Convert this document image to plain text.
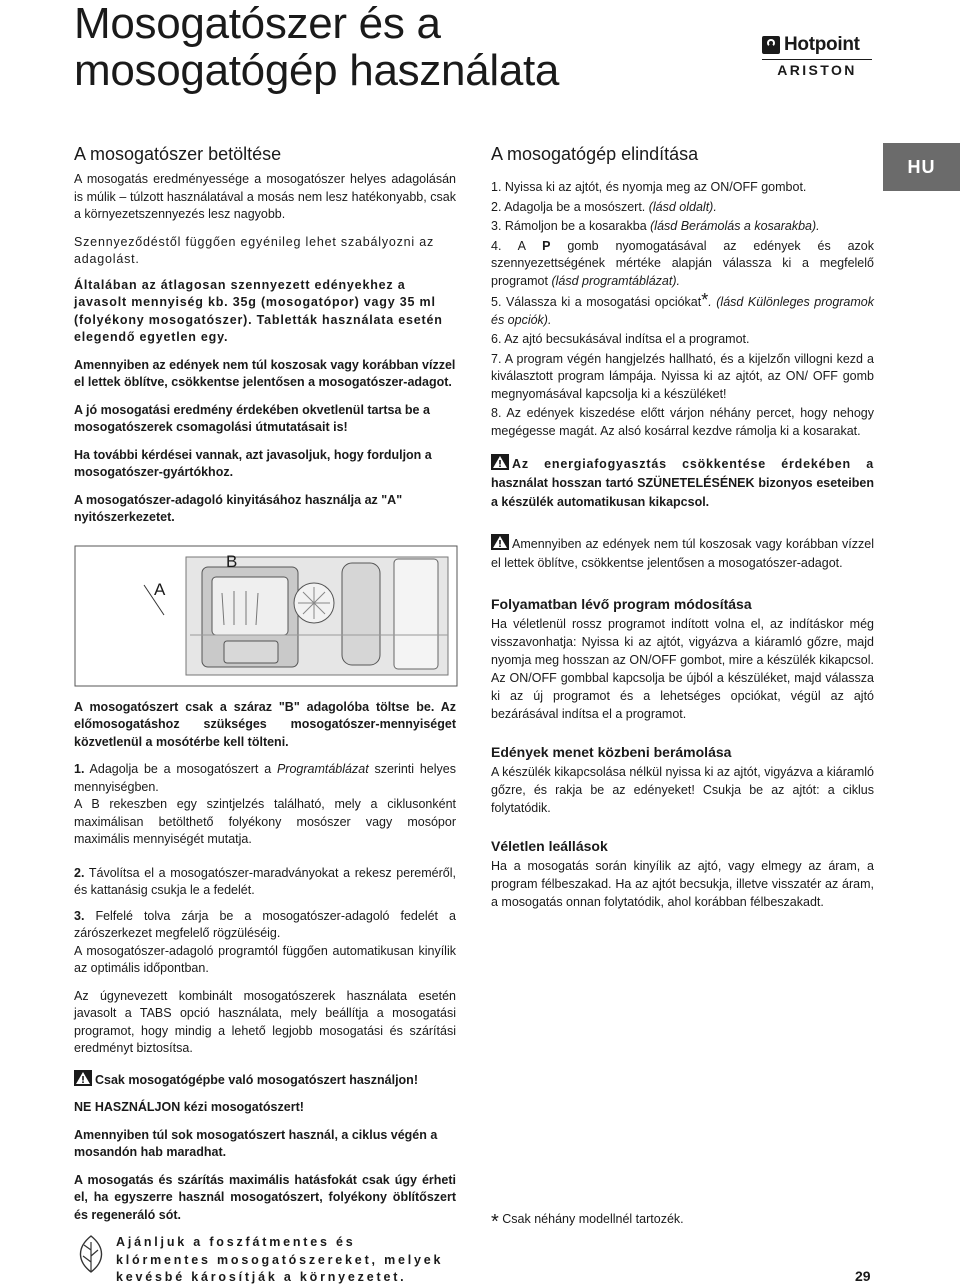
Mosogatószer és a
mosogatógép használata
Hotpoint
ARISTON
HU
A mosogatószer betöltése

A mosogatás eredményessége a mosogatószer helyes adagolásán is múlik – túlzott használatával a mosás nem lesz hatékonyabb, csak a környezetszennyezés lesz nagyobb.

Szennyeződéstől függően egyénileg lehet szabályozni az adagolást.

Általában az átlagosan szennyezett edényekhez a javasolt mennyiség kb. 35g (mosogatópor) vagy 35 ml (folyékony mosogatószer). Tabletták használata esetén elegendő egyetlen egy.

Amennyiben az edények nem túl koszosak vagy korábban vízzel el lettek öblítve, csökkentse jelentősen a mosogatószer-adagot.

A jó mosogatási eredmény érdekében okvetlenül tartsa be a mosogatószerek csomagolási útmutatásait is!

Ha további kérdései vannak, azt javasoljuk, hogy forduljon a mosogatószer-gyártókhoz.

A mosogatószer-adagoló kinyitásához használja az "A" nyitószerkezetet.

A
B

A mosogatószert csak a száraz "B" adagolóba töltse be. Az előmosogatáshoz szükséges mosogatószer-mennyiséget közvetlenül a mosótérbe kell tölteni.

1. Adagolja be a mosogatószert a Programtáblázat szerinti helyes mennyiségben.

A B rekeszben egy szintjelzés található, mely a ciklusonként maximálisan betölthető folyékony mosószer vagy mosópor maximális mennyiségét mutatja.

2. Távolítsa el a mosogatószer-maradványokat a rekesz pereméről, és kattanásig csukja le a fedelét.

3. Felfelé tolva zárja be a mosogatószer-adagoló fedelét a zárószerkezet megfelelő rögzüléséig.

A mosogatószer-adagoló programtól függően automatikusan kinyílik az optimális időpontban.

Az úgynevezett kombinált mosogatószerek használata esetén javasolt a TABS opció használata, mely beállítja a mosogatási programot, hogy mindig a lehető legjobb mosogatási és szárítási eredményt biztosítsa.

Csak mosogatógépbe való mosogatószert használjon!

NE HASZNÁLJON kézi mosogatószert!

Amennyiben túl sok mosogatószert használ, a ciklus végén a mosandón hab maradhat.

A mosogatás és szárítás maximális hatásfokát csak úgy érheti el, ha egyszerre használ mosogatószert, folyékony öblítőszert és regeneráló sót.

Ajánljuk a foszfátmentes és klórmentes mosogatószereket, melyek kevésbé károsítják a környezetet.

A mosogatógép elindítása

1. Nyissa ki az ajtót, és nyomja meg az ON/OFF gombot.

2. Adagolja be a mosószert. (lásd oldalt).

3. Rámoljon be a kosarakba (lásd Berámolás a kosarakba).

4. A P gomb nyomogatásával az edények és azok szennyezettségének mértéke alapján válassza ki a megfelelő programot (lásd programtáblázat).

5. Válassza ki a mosogatási opciókat*. (lásd Különleges programok és opciók).

6. Az ajtó becsukásával indítsa el a programot.

7. A program végén hangjelzés hallható, és a kijelzőn villogni kezd a kiválasztott program lámpája. Nyissa ki az ajtót, az ON/ OFF gomb megnyomásával kapcsolja ki a készüléket!

8. Az edények kiszedése előtt várjon néhány percet, hogy nehogy megégesse magát. Az alsó kosárral kezdve rámolja ki a kosarakat.

Az energiafogyasztás csökkentése érdekében a használat hosszan tartó SZÜNETELÉSÉNEK bizonyos eseteiben a készülék automatikusan kikapcsol.

Amennyiben az edények nem túl koszosak vagy korábban vízzel el lettek öblítve, csökkentse jelentősen a mosogatószer-adagot.

Folyamatban lévő program módosítása

Ha véletlenül rossz programot indított volna el, az indításkor még visszavonhatja: Nyissa ki az ajtót, vigyázva a kiáramló gőzre, majd nyomja meg hosszan az ON/OFF gombot, mire a készülék kikapcsol. Az ON/OFF gombbal kapcsolja be újból a készüléket, majd válassza ki az új programot és a lehetséges opciókat, végül az ajtó bezárásával indítsa el a programot.

Edények menet közbeni berámolása

A készülék kikapcsolása nélkül nyissa ki az ajtót, vigyázva a kiáramló gőzre, és rakja be az edényeket! Csukja be az ajtót: a ciklus folytatódik.

Véletlen leállások

Ha a mosogatás során kinyílik az ajtó, vagy elmegy az áram, a program félbeszakad. Ha az ajtót becsukja, illetve visszatér az áram, a mosogatás onnan folytatódik, ahol korábban félbeszakadt.

* Csak néhány modellnél tartozék.
29
